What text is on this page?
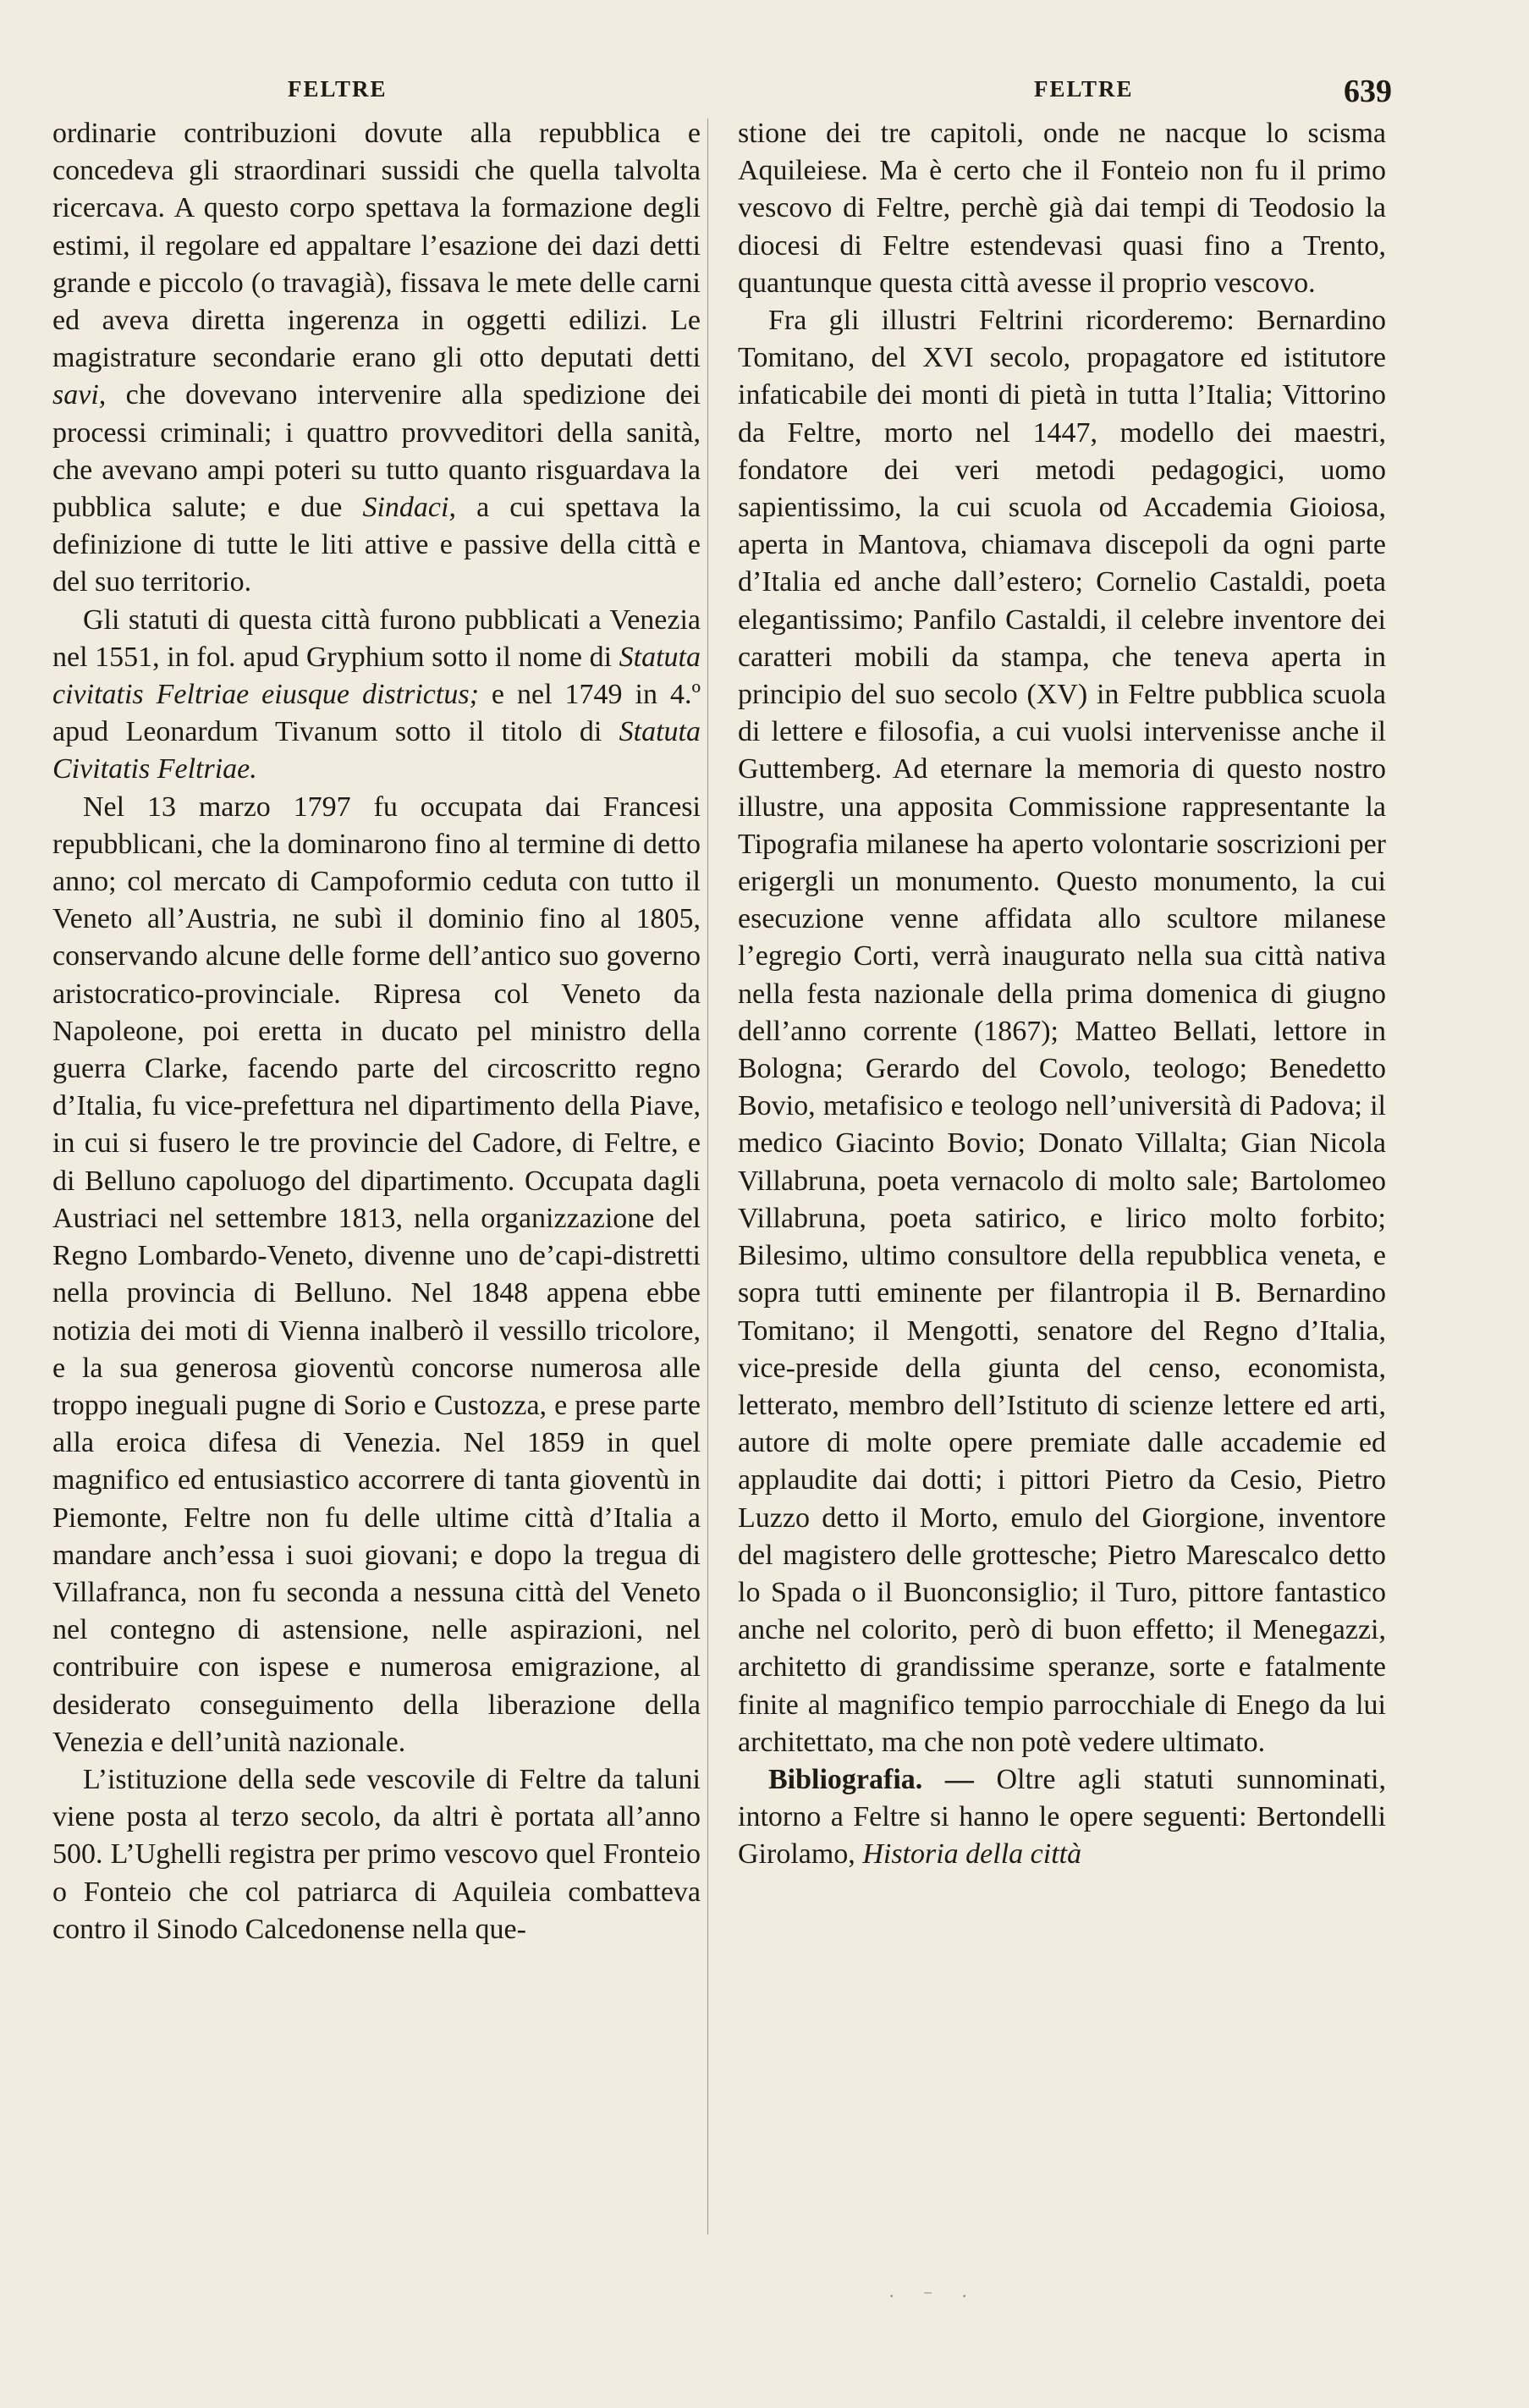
FELTRE	FELTRE	639

ordinarie contribuzioni dovute alla repubblica e concedeva gli straordinari sussidi che quella talvolta ricercava. A questo corpo spettava la formazione degli estimi, il regolare ed appaltare l’esazione dei dazi detti grande e piccolo (o travagià), fissava le mete delle carni ed aveva diretta ingerenza in oggetti edilizi. Le magistrature secondarie erano gli otto deputati detti savi, che dovevano intervenire alla spedizione dei processi criminali; i quattro provveditori della sanità, che avevano ampi poteri su tutto quanto risguardava la pubblica salute; e due Sindaci, a cui spettava la definizione di tutte le liti attive e passive della città e del suo territorio.

Gli statuti di questa città furono pubblicati a Venezia nel 1551, in fol. apud Gryphium sotto il nome di Statuta civitatis Feltriae eiusque districtus; e nel 1749 in 4.º apud Leonardum Tivanum sotto il titolo di Statuta Civitatis Feltriae.

Nel 13 marzo 1797 fu occupata dai Francesi repubblicani, che la dominarono fino al termine di detto anno; col mercato di Campoformio ceduta con tutto il Veneto all’Austria, ne subì il dominio fino al 1805, conservando alcune delle forme dell’antico suo governo aristocratico-provinciale. Ripresa col Veneto da Napoleone, poi eretta in ducato pel ministro della guerra Clarke, facendo parte del circoscritto regno d’Italia, fu vice-prefettura nel dipartimento della Piave, in cui si fusero le tre provincie del Cadore, di Feltre, e di Belluno capoluogo del dipartimento. Occupata dagli Austriaci nel settembre 1813, nella organizzazione del Regno Lombardo-Veneto, divenne uno de’capi-distretti nella provincia di Belluno. Nel 1848 appena ebbe notizia dei moti di Vienna inalberò il vessillo tricolore, e la sua generosa gioventù concorse numerosa alle troppo ineguali pugne di Sorio e Custozza, e prese parte alla eroica difesa di Venezia. Nel 1859 in quel magnifico ed entusiastico accorrere di tanta gioventù in Piemonte, Feltre non fu delle ultime città d’Italia a mandare anch’essa i suoi giovani; e dopo la tregua di Villafranca, non fu seconda a nessuna città del Veneto nel contegno di astensione, nelle aspirazioni, nel contribuire con ispese e numerosa emigrazione, al desiderato conseguimento della liberazione della Venezia e dell’unità nazionale.

L’istituzione della sede vescovile di Feltre da taluni viene posta al terzo secolo, da altri è portata all’anno 500. L’Ughelli registra per primo vescovo quel Fronteio o Fonteio che col patriarca di Aquileia combatteva contro il Sinodo Calcedonense nella que-

stione dei tre capitoli, onde ne nacque lo scisma Aquileiese. Ma è certo che il Fonteio non fu il primo vescovo di Feltre, perchè già dai tempi di Teodosio la diocesi di Feltre estendevasi quasi fino a Trento, quantunque questa città avesse il proprio vescovo.

Fra gli illustri Feltrini ricorderemo: Bernardino Tomitano, del XVI secolo, propagatore ed istitutore infaticabile dei monti di pietà in tutta l’Italia; Vittorino da Feltre, morto nel 1447, modello dei maestri, fondatore dei veri metodi pedagogici, uomo sapientissimo, la cui scuola od Accademia Gioiosa, aperta in Mantova, chiamava discepoli da ogni parte d’Italia ed anche dall’estero; Cornelio Castaldi, poeta elegantissimo; Panfilo Castaldi, il celebre inventore dei caratteri mobili da stampa, che teneva aperta in principio del suo secolo (XV) in Feltre pubblica scuola di lettere e filosofia, a cui vuolsi intervenisse anche il Guttemberg. Ad eternare la memoria di questo nostro illustre, una apposita Commissione rappresentante la Tipografia milanese ha aperto volontarie soscrizioni per erigergli un monumento. Questo monumento, la cui esecuzione venne affidata allo scultore milanese l’egregio Corti, verrà inaugurato nella sua città nativa nella festa nazionale della prima domenica di giugno dell’anno corrente (1867); Matteo Bellati, lettore in Bologna; Gerardo del Covolo, teologo; Benedetto Bovio, metafisico e teologo nell’università di Padova; il medico Giacinto Bovio; Donato Villalta; Gian Nicola Villabruna, poeta vernacolo di molto sale; Bartolomeo Villabruna, poeta satirico, e lirico molto forbito; Bilesimo, ultimo consultore della repubblica veneta, e sopra tutti eminente per filantropia il B. Bernardino Tomitano; il Mengotti, senatore del Regno d’Italia, vice-preside della giunta del censo, economista, letterato, membro dell’Istituto di scienze lettere ed arti, autore di molte opere premiate dalle accademie ed applaudite dai dotti; i pittori Pietro da Cesio, Pietro Luzzo detto il Morto, emulo del Giorgione, inventore del magistero delle grottesche; Pietro Marescalco detto lo Spada o il Buonconsiglio; il Turo, pittore fantastico anche nel colorito, però di buon effetto; il Menegazzi, architetto di grandissime speranze, sorte e fatalmente finite al magnifico tempio parrocchiale di Enego da lui architettato, ma che non potè vedere ultimato.

Bibliografia. — Oltre agli statuti sunnominati, intorno a Feltre si hanno le opere seguenti: Bertondelli Girolamo, Historia della città

· ⁻ ·
